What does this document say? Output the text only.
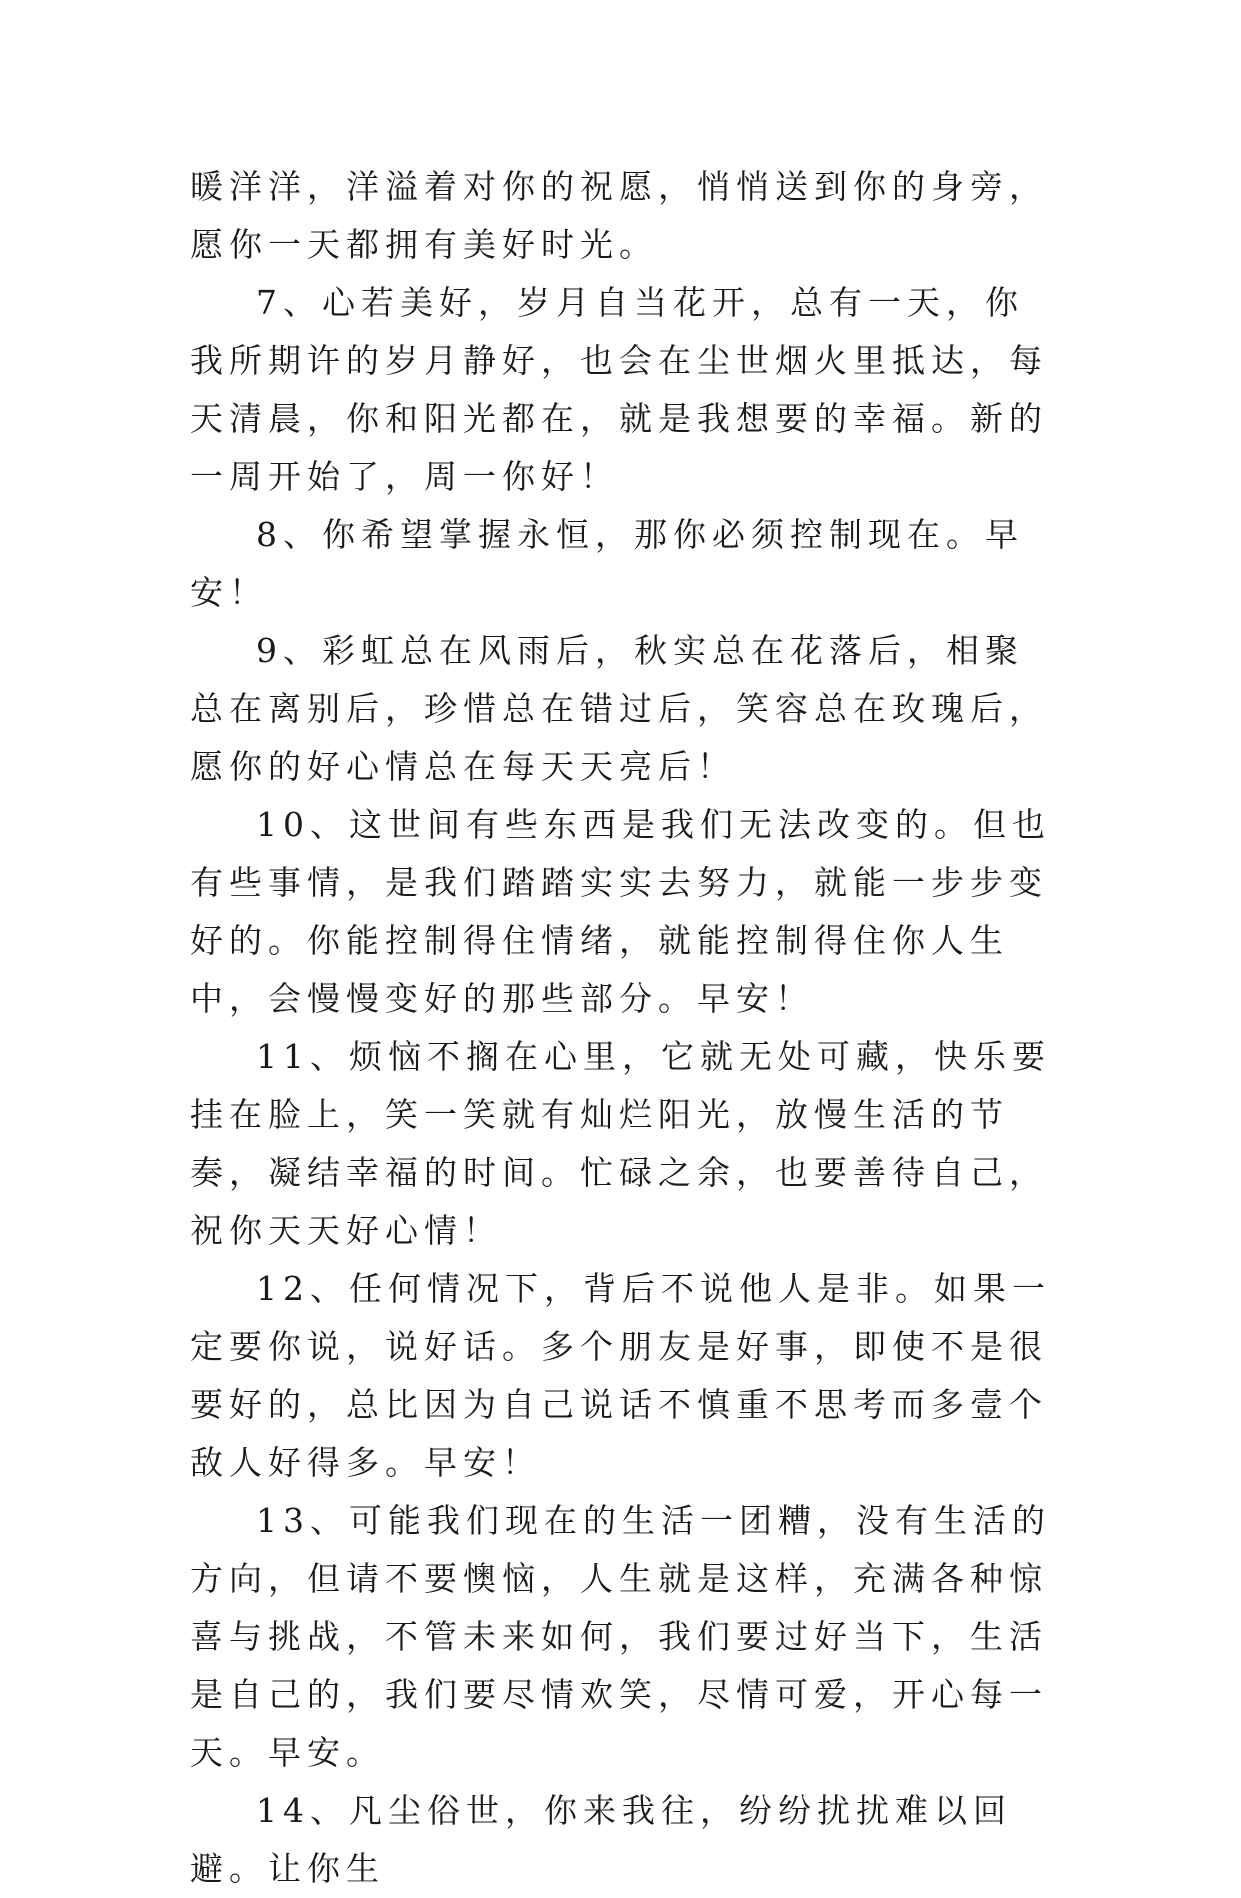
暖洋洋，洋溢着对你的祝愿，悄悄送到你的身旁，愿你一天都拥有美好时光。

7、心若美好，岁月自当花开，总有一天，你我所期许的岁月静好，也会在尘世烟火里抵达，每天清晨，你和阳光都在，就是我想要的幸福。新的一周开始了，周一你好！

8、你希望掌握永恒，那你必须控制现在。早安！

9、彩虹总在风雨后，秋实总在花落后，相聚总在离别后，珍惜总在错过后，笑容总在玫瑰后，愿你的好心情总在每天天亮后！

10、这世间有些东西是我们无法改变的。但也有些事情，是我们踏踏实实去努力，就能一步步变好的。你能控制得住情绪，就能控制得住你人生中，会慢慢变好的那些部分。早安！

11、烦恼不搁在心里，它就无处可藏，快乐要挂在脸上，笑一笑就有灿烂阳光，放慢生活的节奏，凝结幸福的时间。忙碌之余，也要善待自己，祝你天天好心情！

12、任何情况下，背后不说他人是非。如果一定要你说，说好话。多个朋友是好事，即使不是很要好的，总比因为自己说话不慎重不思考而多壹个敌人好得多。早安！

13、可能我们现在的生活一团糟，没有生活的方向，但请不要懊恼，人生就是这样，充满各种惊喜与挑战，不管未来如何，我们要过好当下，生活是自己的，我们要尽情欢笑，尽情可爱，开心每一天。早安。

14、凡尘俗世，你来我往，纷纷扰扰难以回避。让你生
